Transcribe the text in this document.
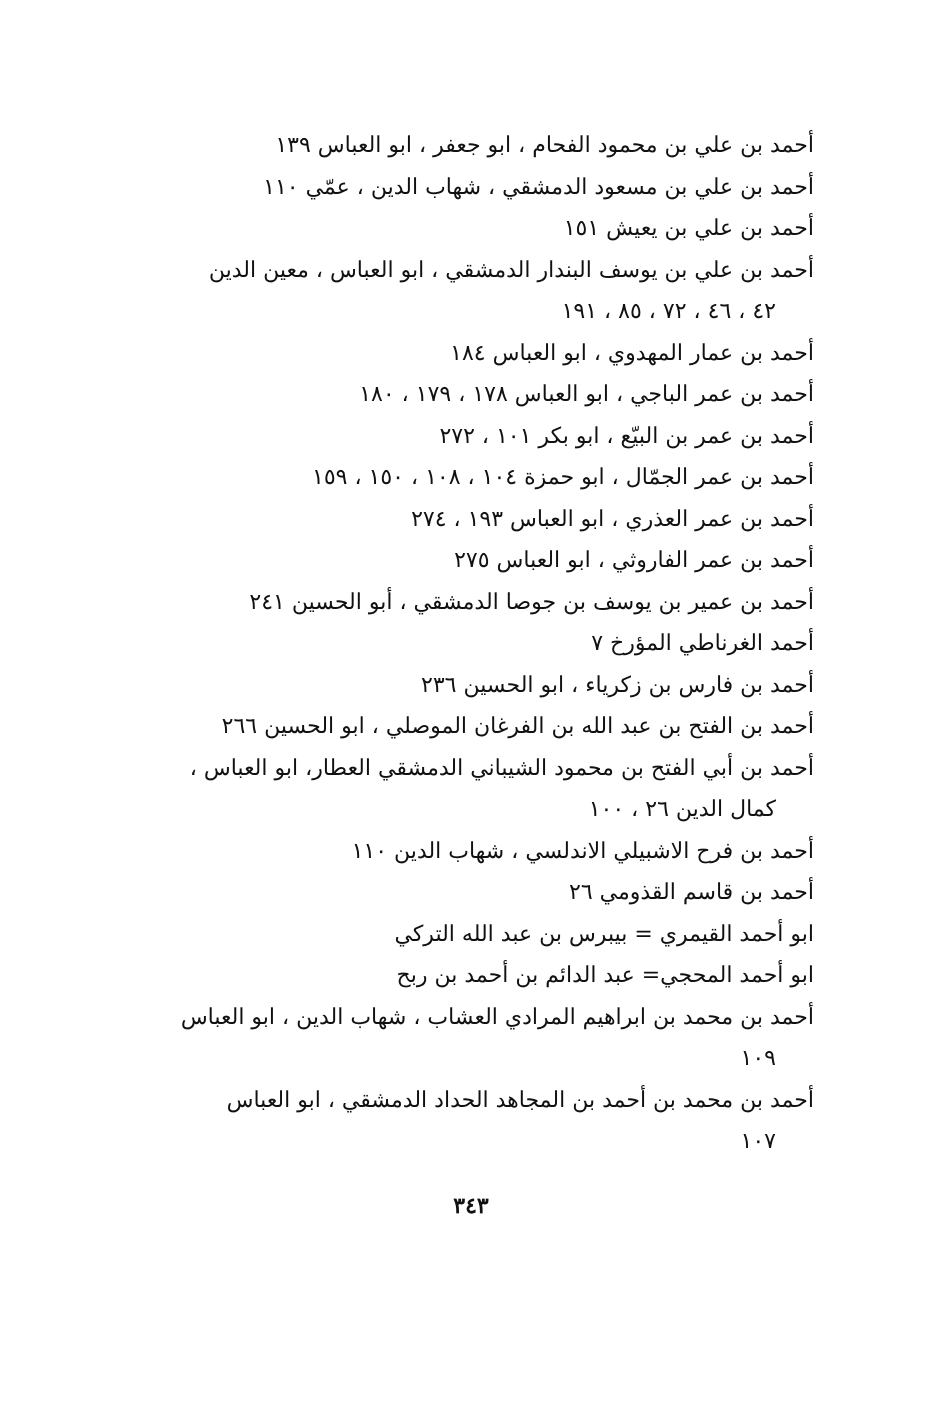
أحمد بن علي بن محمود الفحام ، ابو جعفر ، ابو العباس ١٣٩
أحمد بن علي بن مسعود الدمشقي ، شهاب الدين ، عمّي ١١٠
أحمد بن علي بن يعيش ١٥١
أحمد بن علي بن يوسف البندار الدمشقي ، ابو العباس ، معين الدين
٤٢ ، ٤٦ ، ٧٢ ، ٨٥ ، ١٩١
أحمد بن عمار المهدوي ، ابو العباس ١٨٤
أحمد بن عمر الباجي ، ابو العباس ١٧٨ ، ١٧٩ ، ١٨٠
أحمد بن عمر بن البيّع ، ابو بكر ١٠١ ، ٢٧٢
أحمد بن عمر الجمّال ، ابو حمزة ١٠٤ ، ١٠٨ ، ١٥٠ ، ١٥٩
أحمد بن عمر العذري ، ابو العباس ١٩٣ ، ٢٧٤
أحمد بن عمر الفاروثي ، ابو العباس ٢٧٥
أحمد بن عمير بن يوسف بن جوصا الدمشقي ، أبو الحسين ٢٤١
أحمد الغرناطي المؤرخ ٧
أحمد بن فارس بن زكرياء ، ابو الحسين ٢٣٦
أحمد بن الفتح بن عبد الله بن الفرغان الموصلي ، ابو الحسين ٢٦٦
أحمد بن أبي الفتح بن محمود الشيباني الدمشقي العطار، ابو العباس ،
كمال الدين ٢٦ ، ١٠٠
أحمد بن فرح الاشبيلي الاندلسي ، شهاب الدين ١١٠
أحمد بن قاسم القذومي ٢٦
ابو أحمد القيمري = بيبرس بن عبد الله التركي
ابو أحمد المحجي= عبد الدائم بن أحمد بن ربح
أحمد بن محمد بن ابراهيم المرادي العشاب ، شهاب الدين ، ابو العباس
١٠٩
أحمد بن محمد بن أحمد بن المجاهد الحداد الدمشقي ، ابو العباس
١٠٧
٣٤٣
